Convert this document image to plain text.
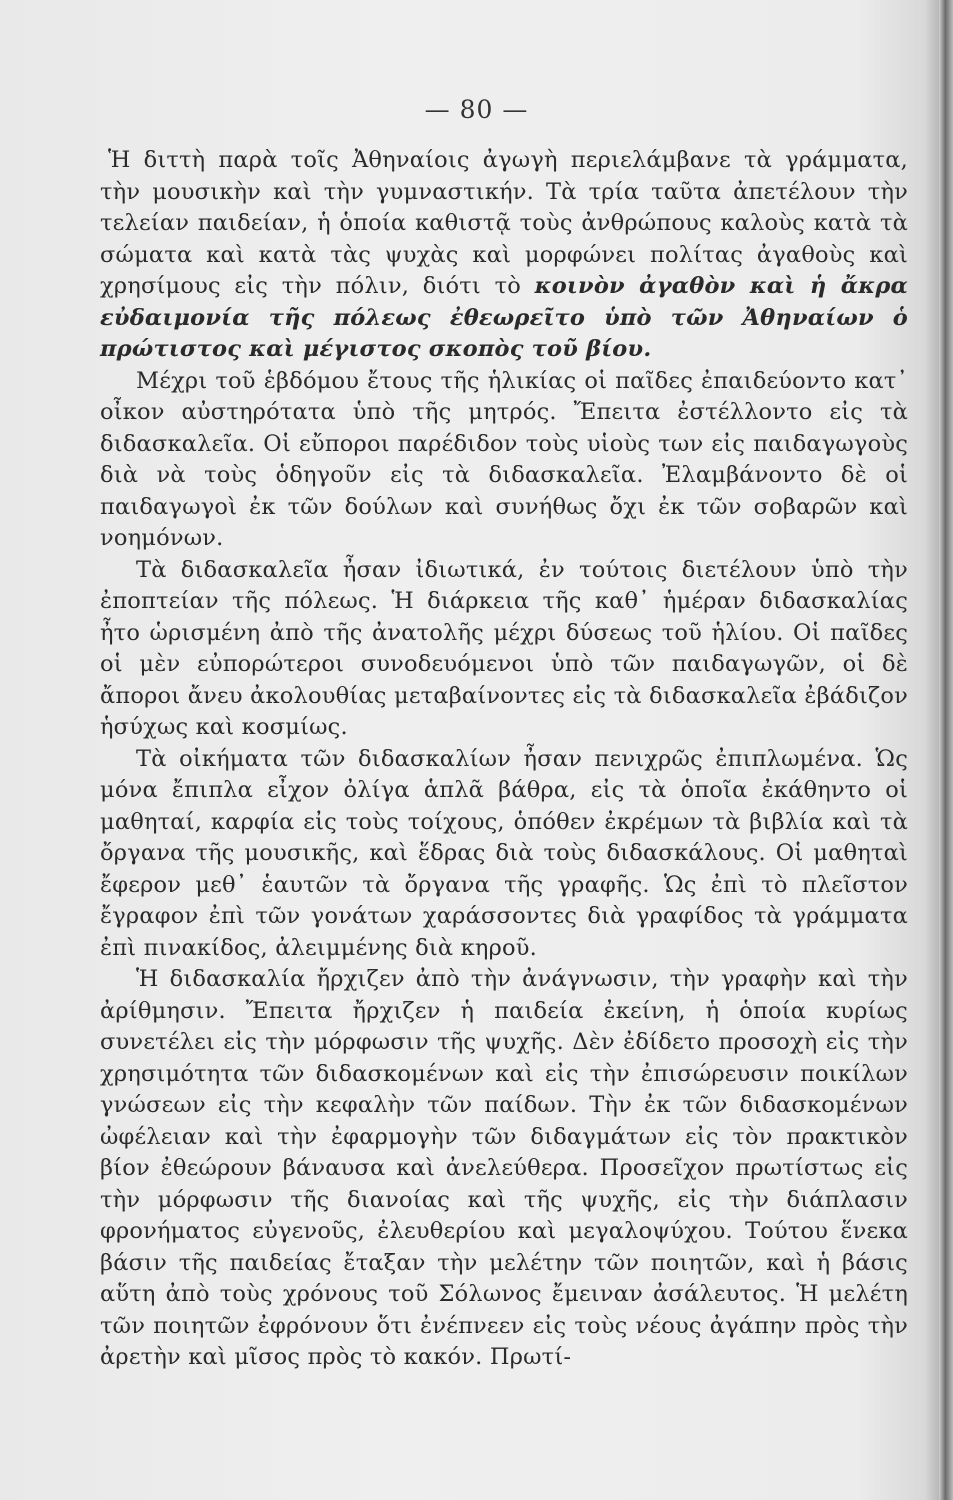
— 80 —

Ἡ διττὴ παρὰ τοῖς Ἀθηναίοις ἀγωγὴ περιελάμβανε τὰ γράμματα, τὴν μουσικὴν καὶ τὴν γυμναστικήν. Τὰ τρία ταῦτα ἀπετέλουν τὴν τελείαν παιδείαν, ἡ ὁποία καθιστᾷ τοὺς ἀνθρώπους καλοὺς κατὰ τὰ σώματα καὶ κατὰ τὰς ψυχὰς καὶ μορφώνει πολίτας ἀγαθοὺς καὶ χρησίμους εἰς τὴν πόλιν, διότι τὸ κοινὸν ἀγαθὸν καὶ ἡ ἄκρα εὐδαιμονία τῆς πόλεως ἐθεωρεῖτο ὑπὸ τῶν Ἀθηναίων ὁ πρώτιστος καὶ μέγιστος σκοπὸς τοῦ βίου.

Μέχρι τοῦ ἑβδόμου ἔτους τῆς ἡλικίας οἱ παῖδες ἐπαιδεύοντο κατ᾽ οἶκον αὐστηρότατα ὑπὸ τῆς μητρός. Ἔπειτα ἐστέλλοντο εἰς τὰ διδασκαλεῖα. Οἱ εὔποροι παρέδιδον τοὺς υἱοὺς των εἰς παιδαγωγοὺς διὰ νὰ τοὺς ὁδηγοῦν εἰς τὰ διδασκαλεῖα. Ἐλαμβάνοντο δὲ οἱ παιδαγωγοὶ ἐκ τῶν δούλων καὶ συνήθως ὄχι ἐκ τῶν σοβαρῶν καὶ νοημόνων.

Τὰ διδασκαλεῖα ἦσαν ἰδιωτικά, ἐν τούτοις διετέλουν ὑπὸ τὴν ἐποπτείαν τῆς πόλεως. Ἡ διάρκεια τῆς καθ᾽ ἡμέραν διδασκαλίας ἦτο ὡρισμένη ἀπὸ τῆς ἀνατολῆς μέχρι δύσεως τοῦ ἡλίου. Οἱ παῖδες οἱ μὲν εὐπορώτεροι συνοδευόμενοι ὑπὸ τῶν παιδαγωγῶν, οἱ δὲ ἄποροι ἄνευ ἀκολουθίας μεταβαίνοντες εἰς τὰ διδασκαλεῖα ἐβάδιζον ἡσύχως καὶ κοσμίως.

Τὰ οἰκήματα τῶν διδασκαλίων ἦσαν πενιχρῶς ἐπιπλωμένα. Ὡς μόνα ἔπιπλα εἶχον ὀλίγα ἁπλᾶ βάθρα, εἰς τὰ ὁποῖα ἐκάθηντο οἱ μαθηταί, καρφία εἰς τοὺς τοίχους, ὁπόθεν ἐκρέμων τὰ βιβλία καὶ τὰ ὄργανα τῆς μουσικῆς, καὶ ἕδρας διὰ τοὺς διδασκάλους. Οἱ μαθηταὶ ἔφερον μεθ᾽ ἑαυτῶν τὰ ὄργανα τῆς γραφῆς. Ὡς ἐπὶ τὸ πλεῖστον ἔγραφον ἐπὶ τῶν γονάτων χαράσσοντες διὰ γραφίδος τὰ γράμματα ἐπὶ πινακίδος, ἀλειμμένης διὰ κηροῦ.

Ἡ διδασκαλία ἤρχιζεν ἀπὸ τὴν ἀνάγνωσιν, τὴν γραφὴν καὶ τὴν ἀρίθμησιν. Ἔπειτα ἤρχιζεν ἡ παιδεία ἐκείνη, ἡ ὁποία κυρίως συνετέλει εἰς τὴν μόρφωσιν τῆς ψυχῆς. Δὲν ἐδίδετο προσοχὴ εἰς τὴν χρησιμότητα τῶν διδασκομένων καὶ εἰς τὴν ἐπισώρευσιν ποικίλων γνώσεων εἰς τὴν κεφαλὴν τῶν παίδων. Τὴν ἐκ τῶν διδασκομένων ὠφέλειαν καὶ τὴν ἐφαρμογὴν τῶν διδαγμάτων εἰς τὸν πρακτικὸν βίον ἐθεώρουν βάναυσα καὶ ἀνελεύθερα. Προσεῖχον πρωτίστως εἰς τὴν μόρφωσιν τῆς διανοίας καὶ τῆς ψυχῆς, εἰς τὴν διάπλασιν φρονήματος εὐγενοῦς, ἐλευθερίου καὶ μεγαλοψύχου. Τούτου ἕνεκα βάσιν τῆς παιδείας ἔταξαν τὴν μελέτην τῶν ποιητῶν, καὶ ἡ βάσις αὕτη ἀπὸ τοὺς χρόνους τοῦ Σόλωνος ἔμειναν ἀσάλευτος. Ἡ μελέτη τῶν ποιητῶν ἐφρόνουν ὅτι ἐνέπνεεν εἰς τοὺς νέους ἀγάπην πρὸς τὴν ἀρετὴν καὶ μῖσος πρὸς τὸ κακόν. Πρωτί-
